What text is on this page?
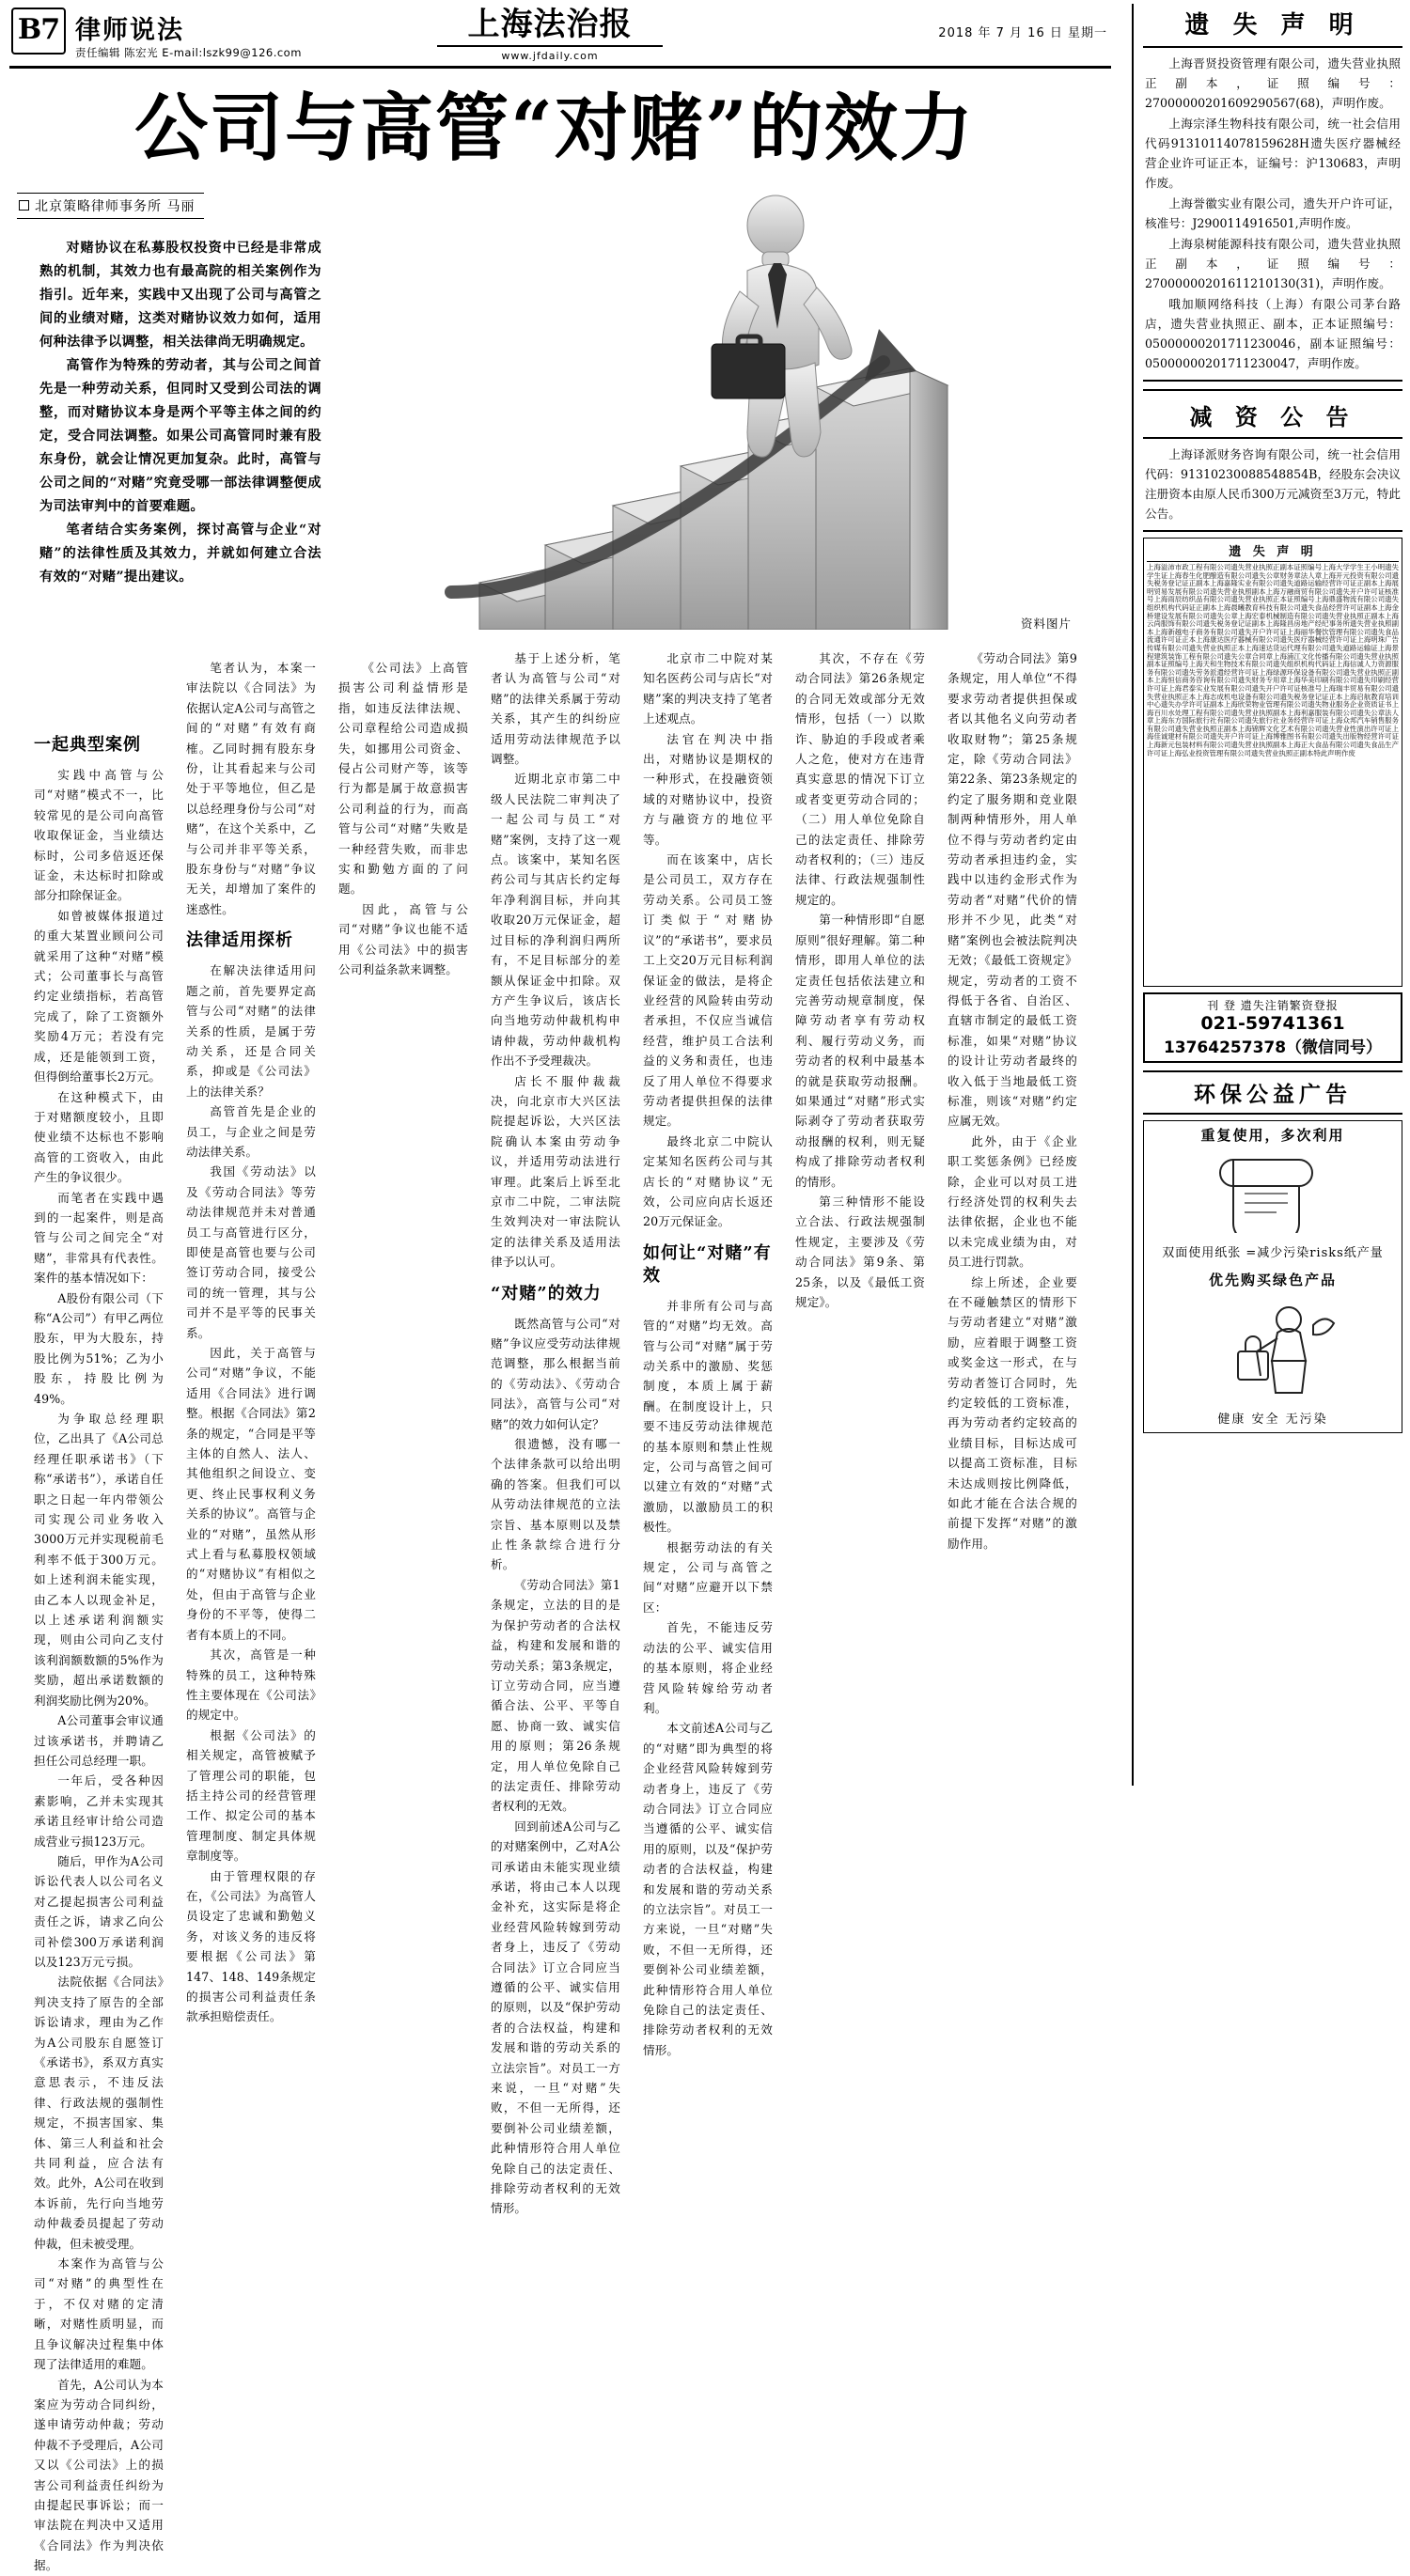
B7 律师说法
责任编辑 陈宏光 E-mail:lszk99@126.com
上海法治报
www.jfdaily.com
2018 年 7 月 16 日 星期一
公司与高管“对赌”的效力
北京策略律师事务所 马丽

对赌协议在私募股权投资中已经是非常成熟的机制，其效力也有最高院的相关案例作为指引。近年来，实践中又出现了公司与高管之间的业绩对赌，这类对赌协议效力如何，适用何种法律予以调整，相关法律尚无明确规定。

高管作为特殊的劳动者，其与公司之间首先是一种劳动关系，但同时又受到公司法的调整，而对赌协议本身是两个平等主体之间的约定，受合同法调整。如果公司高管同时兼有股东身份，就会让情况更加复杂。此时，高管与公司之间的“对赌”究竟受哪一部法律调整便成为司法审判中的首要难题。

笔者结合实务案例，探讨高管与企业“对赌”的法律性质及其效力，并就如何建立合法有效的“对赌”提出建议。

资料图片
一起典型案例

实践中高管与公司“对赌”模式不一，比较常见的是公司向高管收取保证金，当业绩达标时，公司多倍返还保证金，未达标时扣除或部分扣除保证金。

如曾被媒体报道过的重大某置业顾问公司就采用了这种“对赌”模式；公司董事长与高管约定业绩指标，若高管完成了，除了工资额外奖励4万元；若没有完成，还是能领到工资，但得倒给董事长2万元。

在这种模式下，由于对赌额度较小，且即使业绩不达标也不影响高管的工资收入，由此产生的争议很少。

而笔者在实践中遇到的一起案件，则是高管与公司之间完全“对赌”，非常具有代表性。案件的基本情况如下：

A股份有限公司（下称“A公司”）有甲乙两位股东，甲为大股东，持股比例为51%；乙为小股东，持股比例为49%。

为争取总经理职位，乙出具了《A公司总经理任职承诺书》（下称“承诺书”），承诺自任职之日起一年内带领公司实现公司业务收入3000万元并实现税前毛利率不低于300万元。如上述利润未能实现，由乙本人以现金补足，以上述承诺利润额实现，则由公司向乙支付该利润额数额的5%作为奖励，超出承诺数额的利润奖励比例为20%。

A公司董事会审议通过该承诺书，并聘请乙担任公司总经理一职。

一年后，受各种因素影响，乙并未实现其承诺且经审计给公司造成营业亏损123万元。

随后，甲作为A公司诉讼代表人以公司名义对乙提起损害公司利益责任之诉，请求乙向公司补偿300万承诺利润以及123万元亏损。

法院依据《合同法》判决支持了原告的全部诉讼请求，理由为乙作为A公司股东自愿签订《承诺书》，系双方真实意思表示，不违反法律、行政法规的强制性规定，不损害国家、集体、第三人利益和社会共同利益，应合法有效。此外，A公司在收到本诉前，先行向当地劳动仲裁委员提起了劳动仲裁，但未被受理。

本案作为高管与公司“对赌”的典型性在于，不仅对赌的定清晰，对赌性质明显，而且争议解决过程集中体现了法律适用的难题。

首先，A公司认为本案应为劳动合同纠纷，遂申请劳动仲裁；劳动仲裁不予受理后，A公司又以《公司法》上的损害公司利益责任纠纷为由提起民事诉讼；而一审法院在判决中又适用《合同法》作为判决依据。

笔者认为，本案一审法院以《合同法》为依据认定A公司与高管之间的“对赌”有效有商榷。乙同时拥有股东身份，让其看起来与公司处于平等地位，但乙是以总经理身份与公司“对赌”，在这个关系中，乙与公司并非平等关系，股东身份与“对赌”争议无关，却增加了案件的迷惑性。

法律适用探析

在解决法律适用问题之前，首先要界定高管与公司“对赌”的法律关系的性质，是属于劳动关系，还是合同关系，抑或是《公司法》上的法律关系？

高管首先是企业的员工，与企业之间是劳动法律关系。

我国《劳动法》以及《劳动合同法》等劳动法律规范并未对普通员工与高管进行区分，即使是高管也要与公司签订劳动合同，接受公司的统一管理，其与公司并不是平等的民事关系。

因此，关于高管与公司“对赌”争议，不能适用《合同法》进行调整。根据《合同法》第2条的规定，“合同是平等主体的自然人、法人、其他组织之间设立、变更、终止民事权利义务关系的协议”。高管与企业的“对赌”，虽然从形式上看与私募股权领域的“对赌协议”有相似之处，但由于高管与企业身份的不平等，使得二者有本质上的不同。

其次，高管是一种特殊的员工，这种特殊性主要体现在《公司法》的规定中。

根据《公司法》的相关规定，高管被赋予了管理公司的职能，包括主持公司的经营管理工作、拟定公司的基本管理制度、制定具体规章制度等。

由于管理权限的存在，《公司法》为高管人员设定了忠诚和勤勉义务，对该义务的违反将要根据《公司法》第147、148、149条规定的损害公司利益责任条款承担赔偿责任。

《公司法》上高管损害公司利益情形是指，如违反法律法规、公司章程给公司造成损失，如挪用公司资金、侵占公司财产等，该等行为都是属于故意损害公司利益的行为，而高管与公司“对赌”失败是一种经营失败，而非忠实和勤勉方面的了问题。

因此，高管与公司“对赌”争议也能不适用《公司法》中的损害公司利益条款来调整。

基于上述分析，笔者认为高管与公司“对赌”的法律关系属于劳动关系，其产生的纠纷应适用劳动法律规范予以调整。

近期北京市第二中级人民法院二审判决了一起公司与员工“对赌”案例，支持了这一观点。该案中，某知名医药公司与其店长约定每年净利润目标，并向其收取20万元保证金，超过目标的净利润归两所有，不足目标部分的差额从保证金中扣除。双方产生争议后，该店长向当地劳动仲裁机构申请仲裁，劳动仲裁机构作出不予受理裁决。

店长不服仲裁裁决，向北京市大兴区法院提起诉讼，大兴区法院确认本案由劳动争议，并适用劳动法进行审理。此案后上诉至北京市二中院，二审法院生效判决对一审法院认定的法律关系及适用法律予以认可。

“对赌”的效力

既然高管与公司“对赌”争议应受劳动法律规范调整，那么根据当前的《劳动法》、《劳动合同法》，高管与公司“对赌”的效力如何认定？

很遗憾，没有哪一个法律条款可以给出明确的答案。但我们可以从劳动法律规范的立法宗旨、基本原则以及禁止性条款综合进行分析。

《劳动合同法》第1条规定，立法的目的是为保护劳动者的合法权益，构建和发展和谐的劳动关系；第3条规定，订立劳动合同，应当遵循合法、公平、平等自愿、协商一致、诚实信用的原则；第26条规定，用人单位免除自己的法定责任、排除劳动者权利的无效。

回到前述A公司与乙的对赌案例中，乙对A公司承诺由未能实现业绩承诺，将由己本人以现金补充，这实际是将企业经营风险转嫁到劳动者身上，违反了《劳动合同法》订立合同应当遵循的公平、诚实信用的原则，以及“保护劳动者的合法权益，构建和发展和谐的劳动关系的立法宗旨”。对员工一方来说，一旦“对赌”失败，不但一无所得，还要倒补公司业绩差额，此种情形符合用人单位免除自己的法定责任、排除劳动者权利的无效情形。

北京市二中院对某知名医药公司与店长“对赌”案的判决支持了笔者上述观点。

法官在判决中指出，对赌协议是期权的一种形式，在投融资领域的对赌协议中，投资方与融资方的地位平等。

而在该案中，店长是公司员工，双方存在劳动关系。公司员工签订类似于“对赌协议”的“承诺书”，要求员工上交20万元目标利润保证金的做法，是将企业经营的风险转由劳动者承担，不仅应当诚信经营，维护员工合法利益的义务和责任，也违反了用人单位不得要求劳动者提供担保的法律规定。

最终北京二中院认定某知名医药公司与其店长的“对赌协议”无效，公司应向店长返还20万元保证金。

如何让“对赌”有效

并非所有公司与高管的“对赌”均无效。高管与公司“对赌”属于劳动关系中的激励、奖惩制度，本质上属于薪酬。在制度设计上，只要不违反劳动法律规范的基本原则和禁止性规定，公司与高管之间可以建立有效的“对赌”式激励，以激励员工的积极性。

根据劳动法的有关规定，公司与高管之间“对赌”应避开以下禁区：

首先，不能违反劳动法的公平、诚实信用的基本原则，将企业经营风险转嫁给劳动者利。

本文前述A公司与乙的“对赌”即为典型的将企业经营风险转嫁到劳动者身上，违反了《劳动合同法》订立合同应当遵循的公平、诚实信用的原则，以及“保护劳动者的合法权益，构建和发展和谐的劳动关系的立法宗旨”。对员工一方来说，一旦“对赌”失败，不但一无所得，还要倒补公司业绩差额，此种情形符合用人单位免除自己的法定责任、排除劳动者权利的无效情形。

其次，不存在《劳动合同法》第26条规定的合同无效或部分无效情形，包括（一）以欺诈、胁迫的手段或者乘人之危，使对方在违背真实意思的情况下订立或者变更劳动合同的；（二）用人单位免除自己的法定责任、排除劳动者权利的；（三）违反法律、行政法规强制性规定的。

第一种情形即“自愿原则”很好理解。第二种情形，即用人单位的法定责任包括依法建立和完善劳动规章制度，保障劳动者享有劳动权利、履行劳动义务，而劳动者的权利中最基本的就是获取劳动报酬。如果通过“对赌”形式实际剥夺了劳动者获取劳动报酬的权利，则无疑构成了排除劳动者权利的情形。

第三种情形不能设立合法、行政法规强制性规定，主要涉及《劳动合同法》第9条、第25条，以及《最低工资规定》。

《劳动合同法》第9条规定，用人单位“不得要求劳动者提供担保或者以其他名义向劳动者收取财物”；第25条规定，除《劳动合同法》第22条、第23条规定的约定了服务期和竞业限制两种情形外，用人单位不得与劳动者约定由劳动者承担违约金，实践中以违约金形式作为劳动者“对赌”代价的情形并不少见，此类“对赌”案例也会被法院判决无效；《最低工资规定》规定，劳动者的工资不得低于各省、自治区、直辖市制定的最低工资标准，如果“对赌”协议的设计让劳动者最终的收入低于当地最低工资标准，则该“对赌”约定应属无效。

此外，由于《企业职工奖惩条例》已经废除，企业可以对员工进行经济处罚的权利失去法律依据，企业也不能以未完成业绩为由，对员工进行罚款。

综上所述，企业要在不碰触禁区的情形下与劳动者建立“对赌”激励，应着眼于调整工资或奖金这一形式，在与劳动者签订合同时，先约定较低的工资标准，再为劳动者约定较高的业绩目标，目标达成可以提高工资标准，目标未达成则按比例降低，如此才能在合法合规的前提下发挥“对赌”的激励作用。

遗 失 声 明

上海晋贤投资管理有限公司，遗失营业执照正副本，证照编号：27000000201609290567(68)，声明作废。

上海宗泽生物科技有限公司，统一社会信用代码91310114078159628H遗失医疗器械经营企业许可证正本，证编号：沪130683，声明作废。

上海誉徽实业有限公司，遗失开户许可证，核准号：J2900114916501,声明作废。

上海泉树能源科技有限公司，遗失营业执照正副本，证照编号：27000000201611210130(31)，声明作废。

哦加顺网络科技（上海）有限公司茅台路店，遗失营业执照正、副本，正本证照编号：05000000201711230046，副本证照编号：05000000201711230047，声明作废。

减 资 公 告

上海译派财务咨询有限公司，统一社会信用代码：91310230088548854B，经股东会决议注册资本由原人民币300万元减资至3万元，特此公告。

遗 失 声 明
上海溢沛市政工程有限公司遗失营业执照正副本证照编号上海大学学生王小明遗失学生证上海春生化肥酿造有限公司遗失公章财务章法人章上海开元投资有限公司遗失税务登记证正副本上海嘉隆实业有限公司遗失道路运输经营许可证正副本上海展明贸易发展有限公司遗失营业执照副本上海万融商贸有限公司遗失开户许可证核准号上海雨辰纺织品有限公司遗失营业执照正本证照编号上海鼎盛物流有限公司遗失组织机构代码证正副本上海晨曦教育科技有限公司遗失食品经营许可证副本上海金桥建设发展有限公司遗失公章上海宏泰机械制造有限公司遗失营业执照正副本上海云尚服饰有限公司遗失税务登记证副本上海隆昌房地产经纪事务所遗失营业执照副本上海新越电子商务有限公司遗失开户许可证上海丽华餐饮管理有限公司遗失食品流通许可证正本上海康达医疗器械有限公司遗失医疗器械经营许可证上海明珠广告传媒有限公司遗失营业执照正本上海速达货运代理有限公司遗失道路运输证上海景程建筑装饰工程有限公司遗失公章合同章上海浦江文化传播有限公司遗失营业执照副本证照编号上海天和生物技术有限公司遗失组织机构代码证上海信诚人力资源服务有限公司遗失劳务派遣经营许可证上海绿源环保设备有限公司遗失营业执照正副本上海恒信商务咨询有限公司遗失财务专用章上海华美印刷有限公司遗失印刷经营许可证上海君泰实业发展有限公司遗失开户许可证核准号上海瑞丰贸易有限公司遗失营业执照正本上海志成机电设备有限公司遗失税务登记证正本上海启航教育培训中心遗失办学许可证副本上海欣荣物业管理有限公司遗失物业服务企业资质证书上海百川水处理工程有限公司遗失营业执照副本上海利嘉服装有限公司遗失公章法人章上海东方国际旅行社有限公司遗失旅行社业务经营许可证上海众邦汽车销售服务有限公司遗失营业执照正副本上海锦辉文化艺术有限公司遗失营业性演出许可证上海佳诚建材有限公司遗失开户许可证上海博雅图书有限公司遗失出版物经营许可证上海新元包装材料有限公司遗失营业执照副本上海正大食品有限公司遗失食品生产许可证上海弘业投资管理有限公司遗失营业执照正副本特此声明作废
刊 登 遗失注销繁资登报
021-59741361
13764257378（微信同号）
环保公益广告
重复使用，多次利用
双面使用纸张 =减少污染risks纸产量
优先购买绿色产品
健康 安全 无污染
